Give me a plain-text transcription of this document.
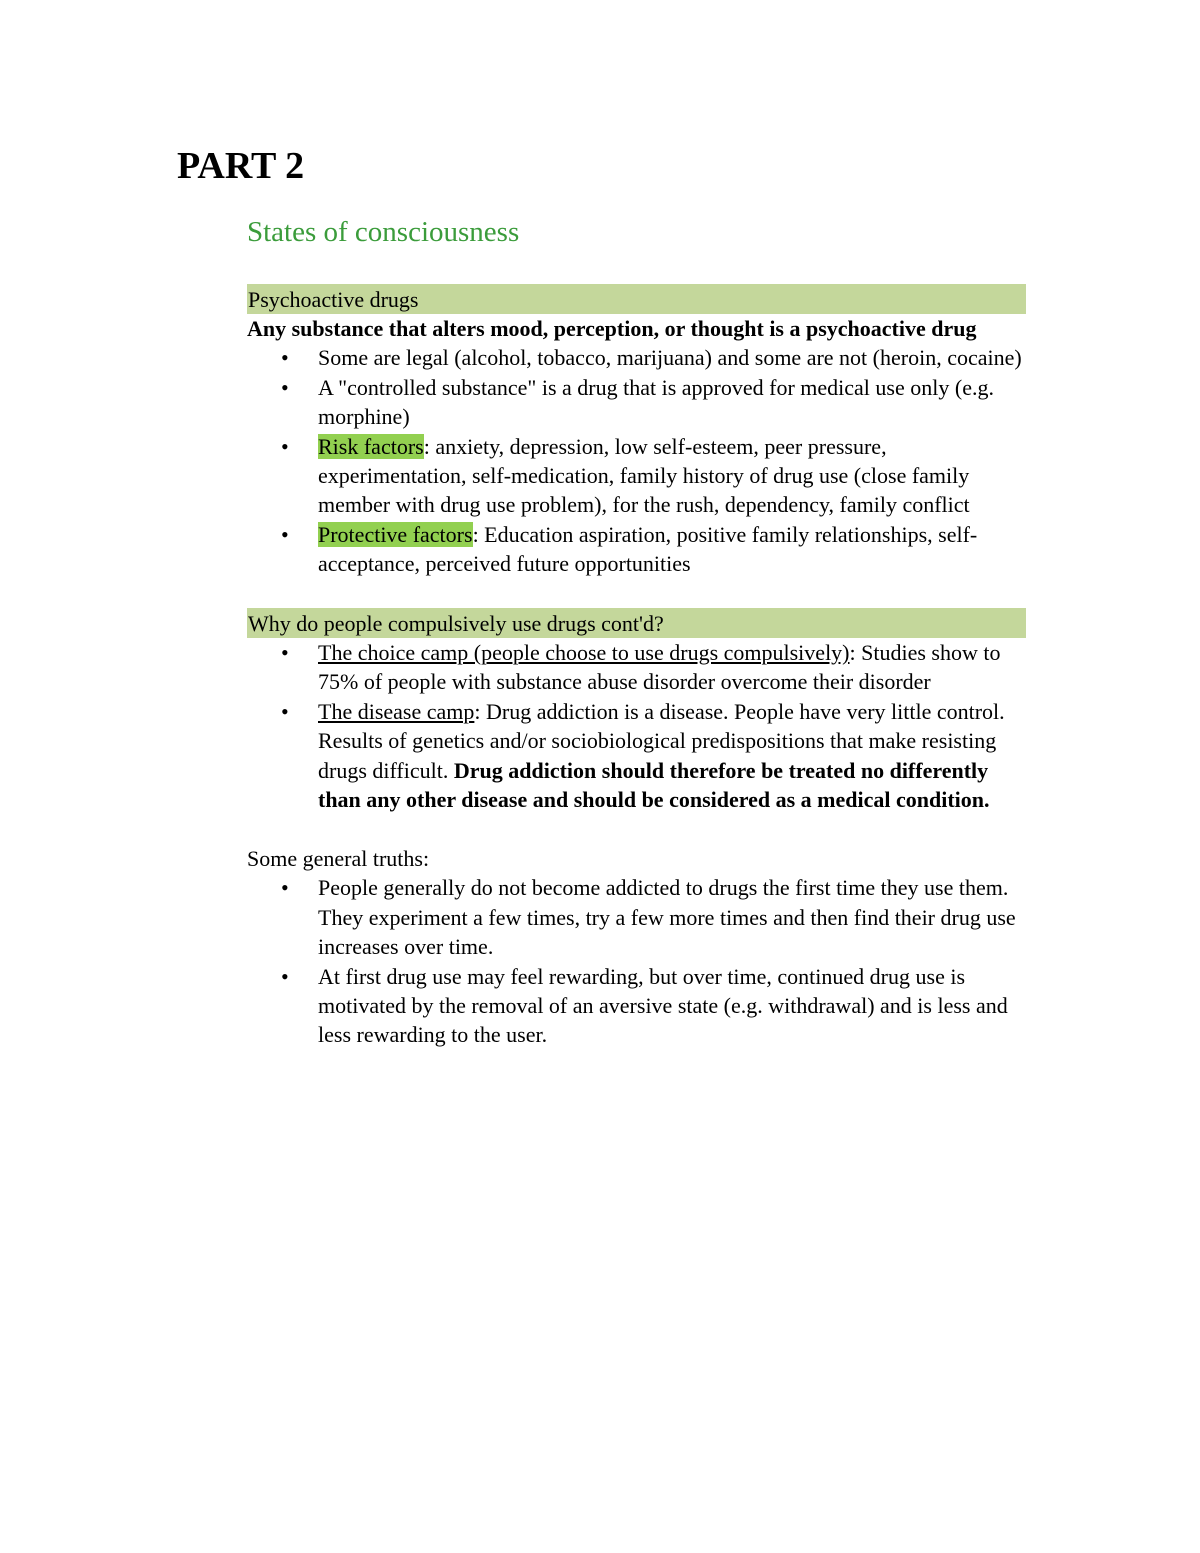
PART 2
States of consciousness
Psychoactive drugs
Any substance that alters mood, perception, or thought is a psychoactive drug
• Some are legal (alcohol, tobacco, marijuana) and some are not (heroin, cocaine)
• A "controlled substance" is a drug that is approved for medical use only (e.g. morphine)
• Risk factors: anxiety, depression, low self-esteem, peer pressure, experimentation, self-medication, family history of drug use (close family member with drug use problem), for the rush, dependency, family conflict
• Protective factors: Education aspiration, positive family relationships, self-acceptance, perceived future opportunities
Why do people compulsively use drugs cont'd?
• The choice camp (people choose to use drugs compulsively): Studies show to 75% of people with substance abuse disorder overcome their disorder
• The disease camp: Drug addiction is a disease. People have very little control. Results of genetics and/or sociobiological predispositions that make resisting drugs difficult. Drug addiction should therefore be treated no differently than any other disease and should be considered as a medical condition.
Some general truths:
• People generally do not become addicted to drugs the first time they use them. They experiment a few times, try a few more times and then find their drug use increases over time.
• At first drug use may feel rewarding, but over time, continued drug use is motivated by the removal of an aversive state (e.g. withdrawal) and is less and less rewarding to the user.
